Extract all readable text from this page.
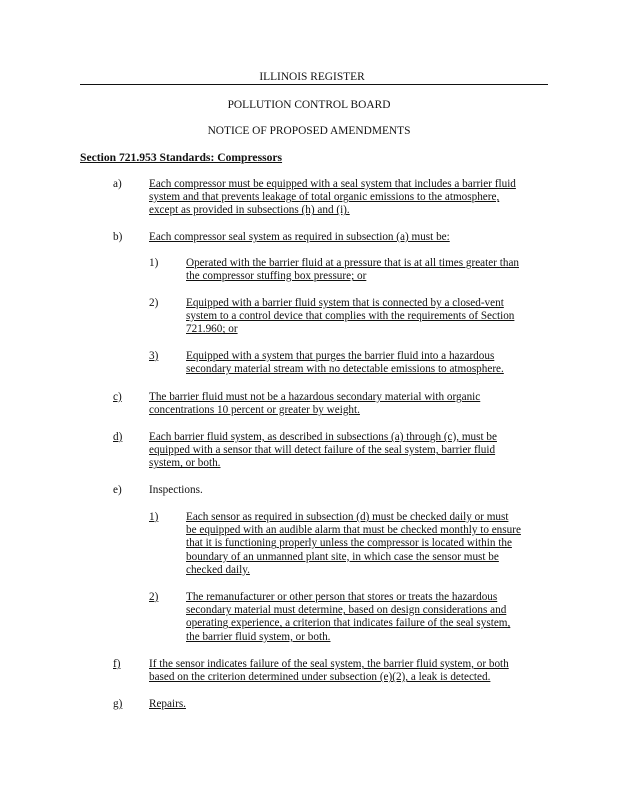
ILLINOIS REGISTER
POLLUTION CONTROL BOARD
NOTICE OF PROPOSED AMENDMENTS
Section 721.953 Standards: Compressors
a) Each compressor must be equipped with a seal system that includes a barrier fluid

system and that prevents leakage of total organic emissions to the atmosphere,

except as provided in subsections (h) and (i).

b) Each compressor seal system as required in subsection (a) must be:

1) Operated with the barrier fluid at a pressure that is at all times greater than

the compressor stuffing box pressure; or

2) Equipped with a barrier fluid system that is connected by a closed-vent

system to a control device that complies with the requirements of Section

721.960; or

3) Equipped with a system that purges the barrier fluid into a hazardous

secondary material stream with no detectable emissions to atmosphere.

c) The barrier fluid must not be a hazardous secondary material with organic

concentrations 10 percent or greater by weight.

d) Each barrier fluid system, as described in subsections (a) through (c), must be

equipped with a sensor that will detect failure of the seal system, barrier fluid

system, or both.

e) Inspections.

1) Each sensor as required in subsection (d) must be checked daily or must

be equipped with an audible alarm that must be checked monthly to ensure

that it is functioning properly unless the compressor is located within the

boundary of an unmanned plant site, in which case the sensor must be

checked daily.

2) The remanufacturer or other person that stores or treats the hazardous

secondary material must determine, based on design considerations and

operating experience, a criterion that indicates failure of the seal system,

the barrier fluid system, or both.

f)	If the sensor indicates failure of the seal system, the barrier fluid system, or both

based on the criterion determined under subsection (e)(2), a leak is detected.

g) Repairs.
